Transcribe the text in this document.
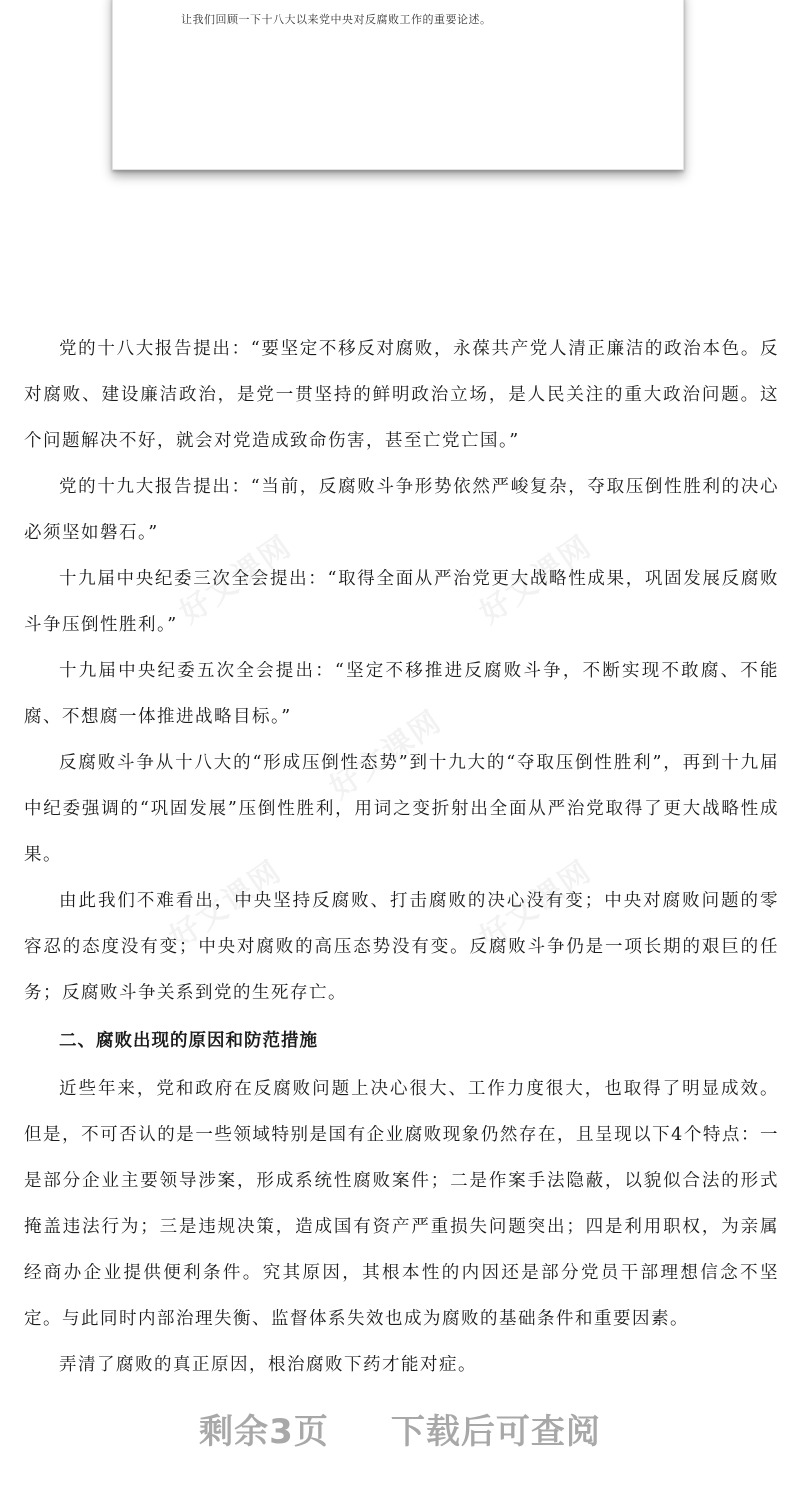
让我们回顾一下十八大以来党中央对反腐败工作的重要论述。
好文课网	好文课网
好文课网
好文课网	好文课网

党的十八大报告提出：“要坚定不移反对腐败，永葆共产党人清正廉洁的政治本色。反对腐败、建设廉洁政治，是党一贯坚持的鲜明政治立场，是人民关注的重大政治问题。这个问题解决不好，就会对党造成致命伤害，甚至亡党亡国。”

党的十九大报告提出：“当前，反腐败斗争形势依然严峻复杂，夺取压倒性胜利的决心必须坚如磐石。”

十九届中央纪委三次全会提出：“取得全面从严治党更大战略性成果，巩固发展反腐败斗争压倒性胜利。”

十九届中央纪委五次全会提出：“坚定不移推进反腐败斗争，不断实现不敢腐、不能腐、不想腐一体推进战略目标。”

反腐败斗争从十八大的“形成压倒性态势”到十九大的“夺取压倒性胜利”，再到十九届中纪委强调的“巩固发展”压倒性胜利，用词之变折射出全面从严治党取得了更大战略性成果。

由此我们不难看出，中央坚持反腐败、打击腐败的决心没有变；中央对腐败问题的零容忍的态度没有变；中央对腐败的高压态势没有变。反腐败斗争仍是一项长期的艰巨的任务；反腐败斗争关系到党的生死存亡。

二、腐败出现的原因和防范措施

近些年来，党和政府在反腐败问题上决心很大、工作力度很大，也取得了明显成效。但是，不可否认的是一些领域特别是国有企业腐败现象仍然存在，且呈现以下4个特点：一是部分企业主要领导涉案，形成系统性腐败案件；二是作案手法隐蔽，以貌似合法的形式掩盖违法行为；三是违规决策，造成国有资产严重损失问题突出；四是利用职权，为亲属经商办企业提供便利条件。究其原因，其根本性的内因还是部分党员干部理想信念不坚定。与此同时内部治理失衡、监督体系失效也成为腐败的基础条件和重要因素。

弄清了腐败的真正原因，根治腐败下药才能对症。

剩余3页 下载后可查阅
